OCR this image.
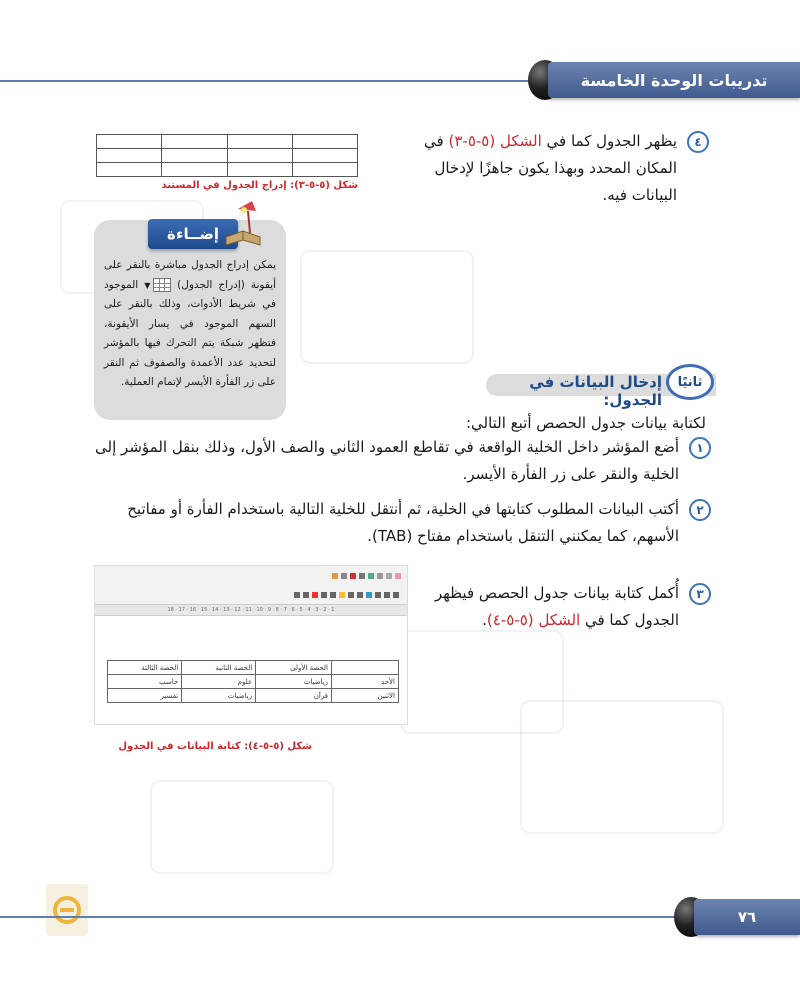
تدريبات الوحدة الخامسة
٤
يظهر الجدول كما في الشكل (٥-٥-٣) في المكان المحدد وبهذا يكون جاهزًا لإدخال البيانات فيه.

شكل (٥-٥-٣): إدراج الجدول في المستند
إضــاءة
يمكن إدراج الجدول مباشرة بالنقر على أيقونة (إدراج الجدول) ▼ الموجود في شريط الأدوات، وذلك بالنقر على السهم الموجود في يسار الأيقونة، فتظهر شبكة يتم التحرك فيها بالمؤشر لتحديد عدد الأعمدة والصفوف ثم النقر على زر الفأرة الأيسر لإتمام العملية.	ثانيًا
إدخال البيانات في الجدول:
لكتابة بيانات جدول الحصص أتبع التالي:
١
أضع المؤشر داخل الخلية الواقعة في تقاطع العمود الثاني والصف الأول، وذلك بنقل المؤشر إلى الخلية والنقر على زر الفأرة الأيسر.
٢
أكتب البيانات المطلوب كتابتها في الخلية، ثم أنتقل للخلية التالية باستخدام الفأرة أو مفاتيح الأسهم، كما يمكنني التنقل باستخدام مفتاح (TAB).
٣
أُكمل كتابة بيانات جدول الحصص فيظهر الجدول كما في الشكل (٥-٥-٤).
18 · 17 · 16 · 15 · 14 · 13 · 12 · 11 · 10 · 9 · 8 · 7 · 6 · 5 · 4 · 3 · 2 · 1
	الحصة الأولى	الحصة الثانية	الحصة الثالثة
الأحد	رياضيات	علوم	حاسب
الاثنين	قرآن	رياضيات	تفسير
شكل (٥-٥-٤): كتابة البيانات في الجدول
٧٦
